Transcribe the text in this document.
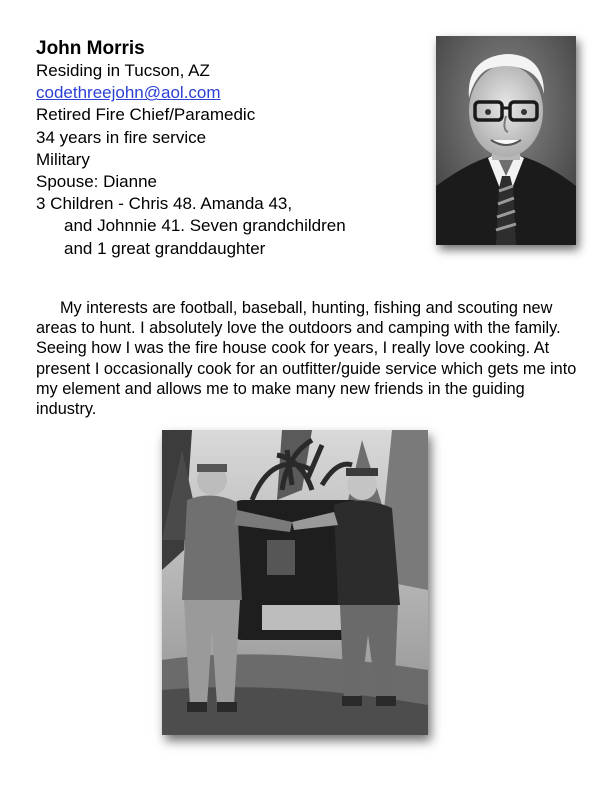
John Morris
Residing in Tucson, AZ
codethreejohn@aol.com
Retired Fire Chief/Paramedic
34 years in fire service
Military
Spouse: Dianne
3 Children - Chris 48. Amanda 43,
and Johnnie 41. Seven grandchildren
and 1 great granddaughter
My interests are football, baseball, hunting, fishing and scouting new areas to hunt. I absolutely love the outdoors and camping with the family. Seeing how I was the fire house cook for years, I really love cooking. At present I occasionally cook for an outfitter/guide service which gets me into my element and allows me to make many new friends in the guiding industry.
